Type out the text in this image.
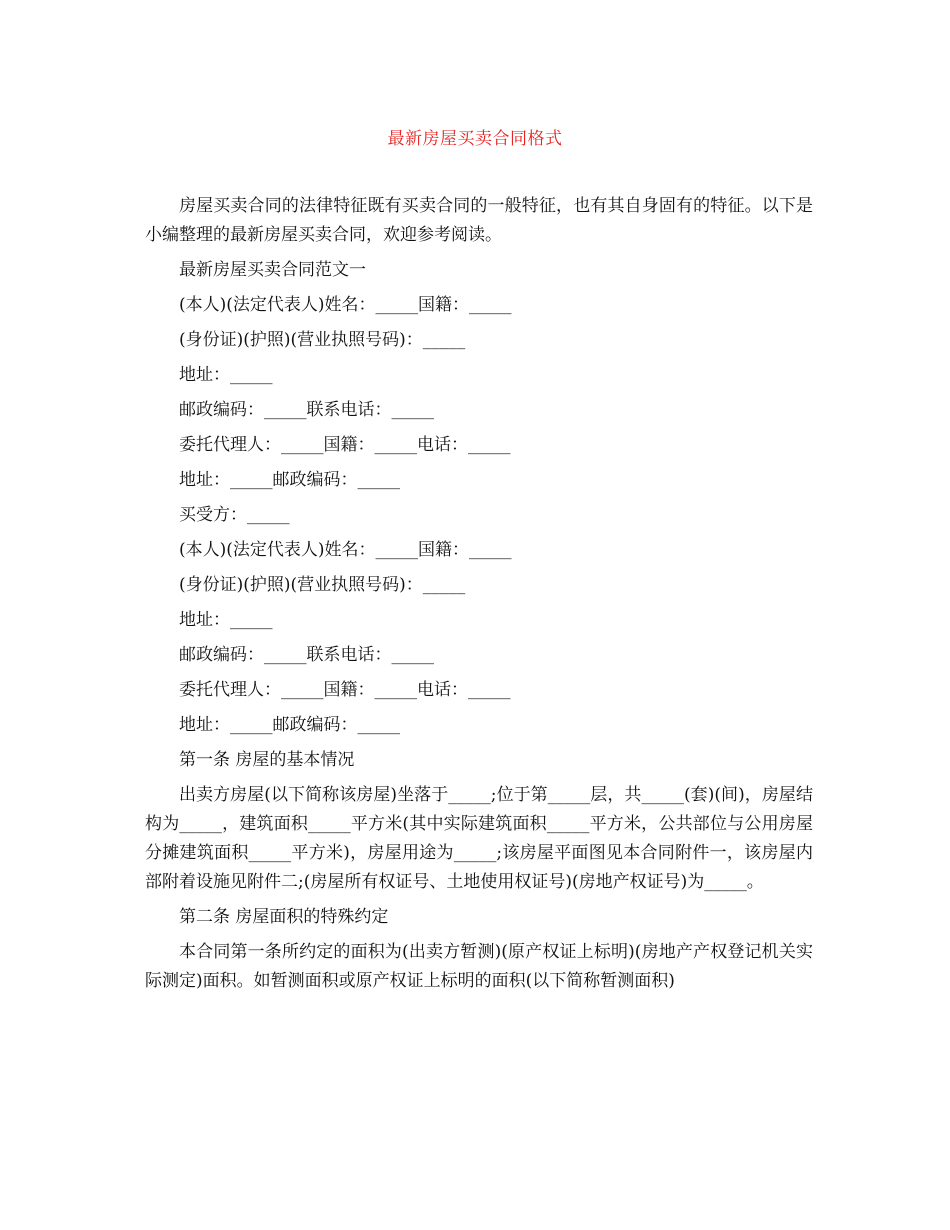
最新房屋买卖合同格式

房屋买卖合同的法律特征既有买卖合同的一般特征，也有其自身固有的特征。以下是小编整理的最新房屋买卖合同，欢迎参考阅读。

最新房屋买卖合同范文一

(本人)(法定代表人)姓名：_____国籍：_____

(身份证)(护照)(营业执照号码)：_____

地址：_____

邮政编码：_____联系电话：_____

委托代理人：_____国籍：_____电话：_____

地址：_____邮政编码：_____

买受方：_____

(本人)(法定代表人)姓名：_____国籍：_____

(身份证)(护照)(营业执照号码)：_____

地址：_____

邮政编码：_____联系电话：_____

委托代理人：_____国籍：_____电话：_____

地址：_____邮政编码：_____

第一条 房屋的基本情况

出卖方房屋(以下简称该房屋)坐落于_____;位于第_____层，共_____(套)(间)，房屋结构为_____，建筑面积_____平方米(其中实际建筑面积_____平方米，公共部位与公用房屋分摊建筑面积_____平方米)，房屋用途为_____;该房屋平面图见本合同附件一，该房屋内部附着设施见附件二;(房屋所有权证号、土地使用权证号)(房地产权证号)为_____。

第二条 房屋面积的特殊约定

本合同第一条所约定的面积为(出卖方暂测)(原产权证上标明)(房地产产权登记机关实际测定)面积。如暂测面积或原产权证上标明的面积(以下简称暂测面积)
